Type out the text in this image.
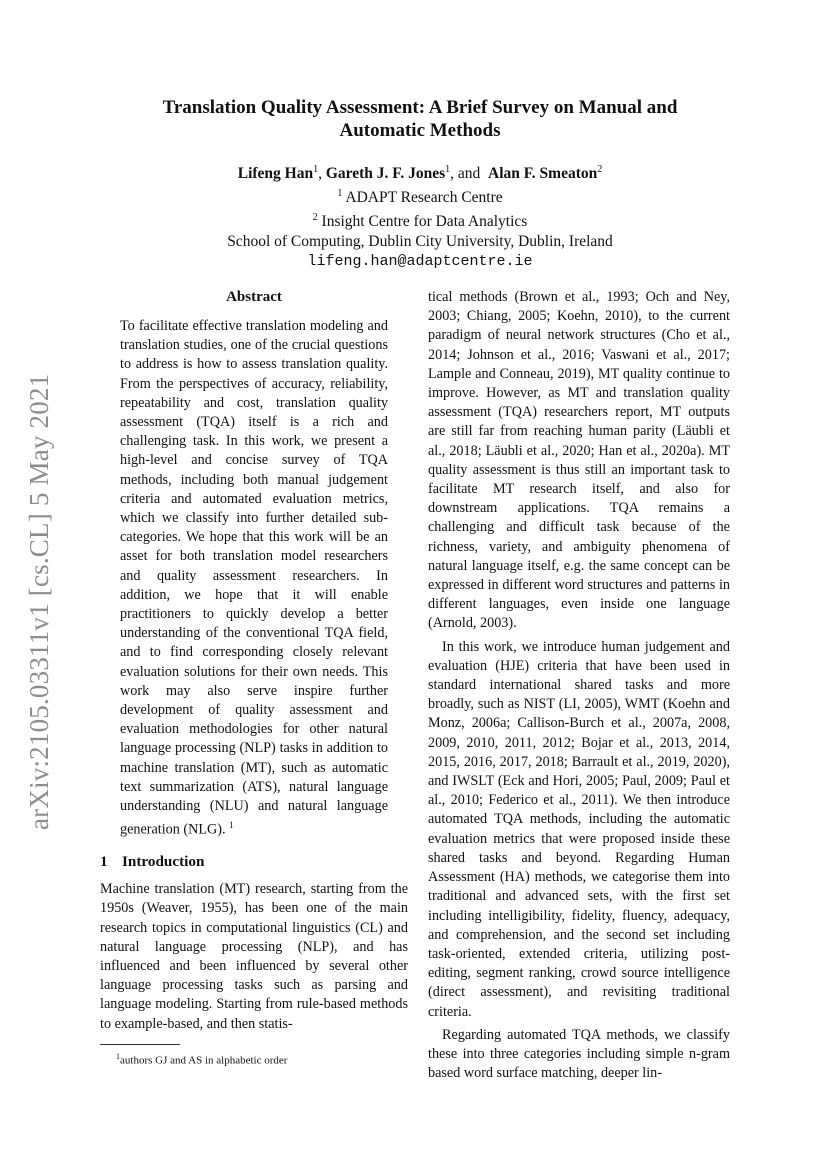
arXiv:2105.03311v1 [cs.CL] 5 May 2021
Translation Quality Assessment: A Brief Survey on Manual and
Automatic Methods
Lifeng Han$^1$, Gareth J. F. Jones$^1$, and Alan F. Smeaton$^2$
$^1$ ADAPT Research Centre
$^2$ Insight Centre for Data Analytics
School of Computing, Dublin City University, Dublin, Ireland
lifeng.han@adaptcentre.ie
Abstract
To facilitate effective translation modeling and translation studies, one of the crucial questions to address is how to assess translation quality. From the perspectives of accuracy, reliability, repeatability and cost, translation quality assessment (TQA) itself is a rich and challenging task. In this work, we present a high-level and concise survey of TQA methods, including both manual judgement criteria and automated evaluation metrics, which we classify into further detailed sub-categories. We hope that this work will be an asset for both translation model researchers and quality assessment researchers. In addition, we hope that it will enable practitioners to quickly develop a better understanding of the conventional TQA field, and to find corresponding closely relevant evaluation solutions for their own needs. This work may also serve inspire further development of quality assessment and evaluation methodologies for other natural language processing (NLP) tasks in addition to machine translation (MT), such as automatic text summarization (ATS), natural language understanding (NLU) and natural language generation (NLG). $^1$
1 Introduction

Machine translation (MT) research, starting from the 1950s (Weaver, 1955), has been one of the main research topics in computational linguistics (CL) and natural language processing (NLP), and has influenced and been influenced by several other language processing tasks such as parsing and language modeling. Starting from rule-based methods to example-based, and then statis-

tical methods (Brown et al., 1993; Och and Ney, 2003; Chiang, 2005; Koehn, 2010), to the current paradigm of neural network structures (Cho et al., 2014; Johnson et al., 2016; Vaswani et al., 2017; Lample and Conneau, 2019), MT quality continue to improve. However, as MT and translation quality assessment (TQA) researchers report, MT outputs are still far from reaching human parity (Läubli et al., 2018; Läubli et al., 2020; Han et al., 2020a). MT quality assessment is thus still an important task to facilitate MT research itself, and also for downstream applications. TQA remains a challenging and difficult task because of the richness, variety, and ambiguity phenomena of natural language itself, e.g. the same concept can be expressed in different word structures and patterns in different languages, even inside one language (Arnold, 2003).

In this work, we introduce human judgement and evaluation (HJE) criteria that have been used in standard international shared tasks and more broadly, such as NIST (LI, 2005), WMT (Koehn and Monz, 2006a; Callison-Burch et al., 2007a, 2008, 2009, 2010, 2011, 2012; Bojar et al., 2013, 2014, 2015, 2016, 2017, 2018; Barrault et al., 2019, 2020), and IWSLT (Eck and Hori, 2005; Paul, 2009; Paul et al., 2010; Federico et al., 2011). We then introduce automated TQA methods, including the automatic evaluation metrics that were proposed inside these shared tasks and beyond. Regarding Human Assessment (HA) methods, we categorise them into traditional and advanced sets, with the first set including intelligibility, fidelity, fluency, adequacy, and comprehension, and the second set including task-oriented, extended criteria, utilizing post-editing, segment ranking, crowd source intelligence (direct assessment), and revisiting traditional criteria.

Regarding automated TQA methods, we classify these into three categories including simple n-gram based word surface matching, deeper lin-

$^1$authors GJ and AS in alphabetic order
